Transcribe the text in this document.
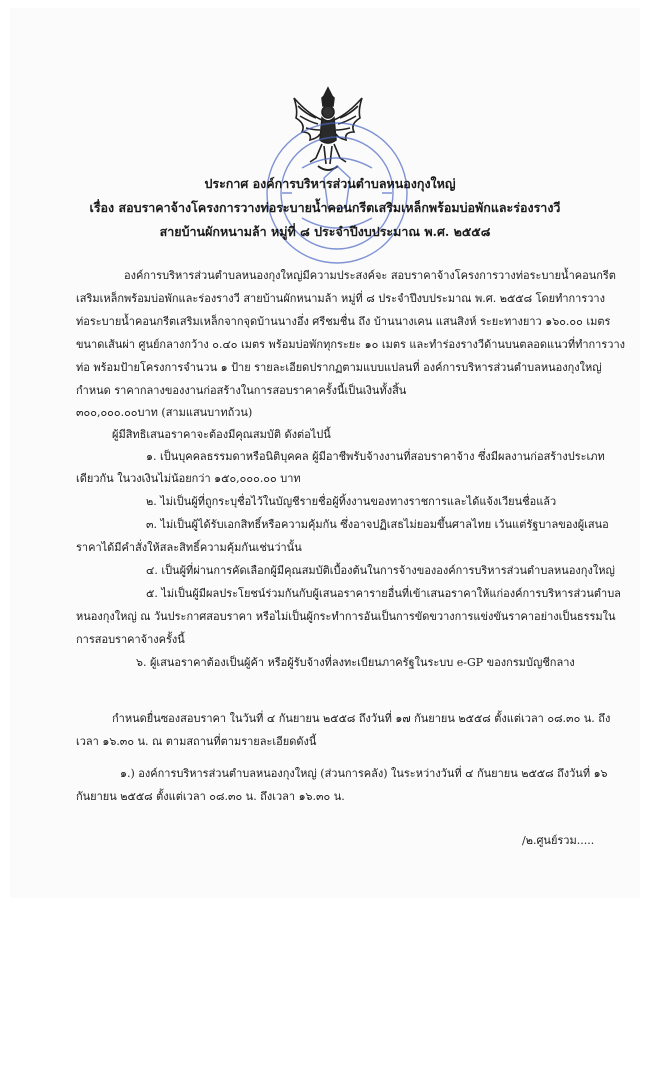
ประกาศ องค์การบริหารส่วนตำบลหนองกุงใหญ่
เรื่อง สอบราคาจ้างโครงการวางท่อระบายน้ำคอนกรีตเสริมเหล็กพร้อมบ่อพักและร่องรางวี
สายบ้านผักหนามล้า หมู่ที่ ๘ ประจำปีงบประมาณ พ.ศ. ๒๕๕๘
องค์การบริหารส่วนตำบลหนองกุงใหญ่มีความประสงค์จะ สอบราคาจ้างโครงการวางท่อระบายน้ำคอนกรีต
เสริมเหล็กพร้อมบ่อพักและร่องรางวี สายบ้านผักหนามล้า หมู่ที่ ๘ ประจำปีงบประมาณ พ.ศ. ๒๕๕๘ โดยทำการวาง
ท่อระบายน้ำคอนกรีตเสริมเหล็กจากจุดบ้านนางอึ่ง ศรีชมชื่น ถึง บ้านนางเคน แสนสิงห์ ระยะทางยาว ๑๖๐.๐๐ เมตร
ขนาดเส้นผ่า ศูนย์กลางกว้าง ๐.๔๐ เมตร พร้อมบ่อพักทุกระยะ ๑๐ เมตร และทำร่องรางวีด้านบนตลอดแนวที่ทำการวาง
ท่อ พร้อมป้ายโครงการจำนวน ๑ ป้าย รายละเอียดปรากฏตามแบบแปลนที่ องค์การบริหารส่วนตำบลหนองกุงใหญ่
กำหนด ราคากลางของงานก่อสร้างในการสอบราคาครั้งนี้เป็นเงินทั้งสิ้น
๓๐๐,๐๐๐.๐๐บาท (สามแสนบาทถ้วน)
ผู้มีสิทธิเสนอราคาจะต้องมีคุณสมบัติ ดังต่อไปนี้
๑. เป็นบุคคลธรรมดาหรือนิติบุคคล ผู้มีอาชีพรับจ้างงานที่สอบราคาจ้าง ซึ่งมีผลงานก่อสร้างประเภท
เดียวกัน ในวงเงินไม่น้อยกว่า ๑๕๐,๐๐๐.๐๐ บาท
๒. ไม่เป็นผู้ที่ถูกระบุชื่อไว้ในบัญชีรายชื่อผู้ทิ้งงานของทางราชการและได้แจ้งเวียนชื่อแล้ว
๓. ไม่เป็นผู้ได้รับเอกสิทธิ์หรือความคุ้มกัน ซึ่งอาจปฏิเสธไม่ยอมขึ้นศาลไทย เว้นแต่รัฐบาลของผู้เสนอ
ราคาได้มีคำสั่งให้สละสิทธิ์ความคุ้มกันเช่นว่านั้น
๔. เป็นผู้ที่ผ่านการคัดเลือกผู้มีคุณสมบัติเบื้องต้นในการจ้างขององค์การบริหารส่วนตำบลหนองกุงใหญ่
๕. ไม่เป็นผู้มีผลประโยชน์ร่วมกันกับผู้เสนอราคารายอื่นที่เข้าเสนอราคาให้แก่องค์การบริหารส่วนตำบล
หนองกุงใหญ่ ณ วันประกาศสอบราคา หรือไม่เป็นผู้กระทำการอันเป็นการขัดขวางการแข่งขันราคาอย่างเป็นธรรมใน
การสอบราคาจ้างครั้งนี้
๖. ผู้เสนอราคาต้องเป็นผู้ค้า หรือผู้รับจ้างที่ลงทะเบียนภาครัฐในระบบ e-GP ของกรมบัญชีกลาง
กำหนดยื่นซองสอบราคา ในวันที่ ๔ กันยายน ๒๕๕๘ ถึงวันที่ ๑๗ กันยายน ๒๕๕๘ ตั้งแต่เวลา ๐๘.๓๐ น. ถึง
เวลา ๑๖.๓๐ น. ณ ตามสถานที่ตามรายละเอียดดังนี้
๑.) องค์การบริหารส่วนตำบลหนองกุงใหญ่ (ส่วนการคลัง) ในระหว่างวันที่ ๔ กันยายน ๒๕๕๘ ถึงวันที่ ๑๖
กันยายน ๒๕๕๘ ตั้งแต่เวลา ๐๘.๓๐ น. ถึงเวลา ๑๖.๓๐ น.
/๒.ศูนย์รวม.....
